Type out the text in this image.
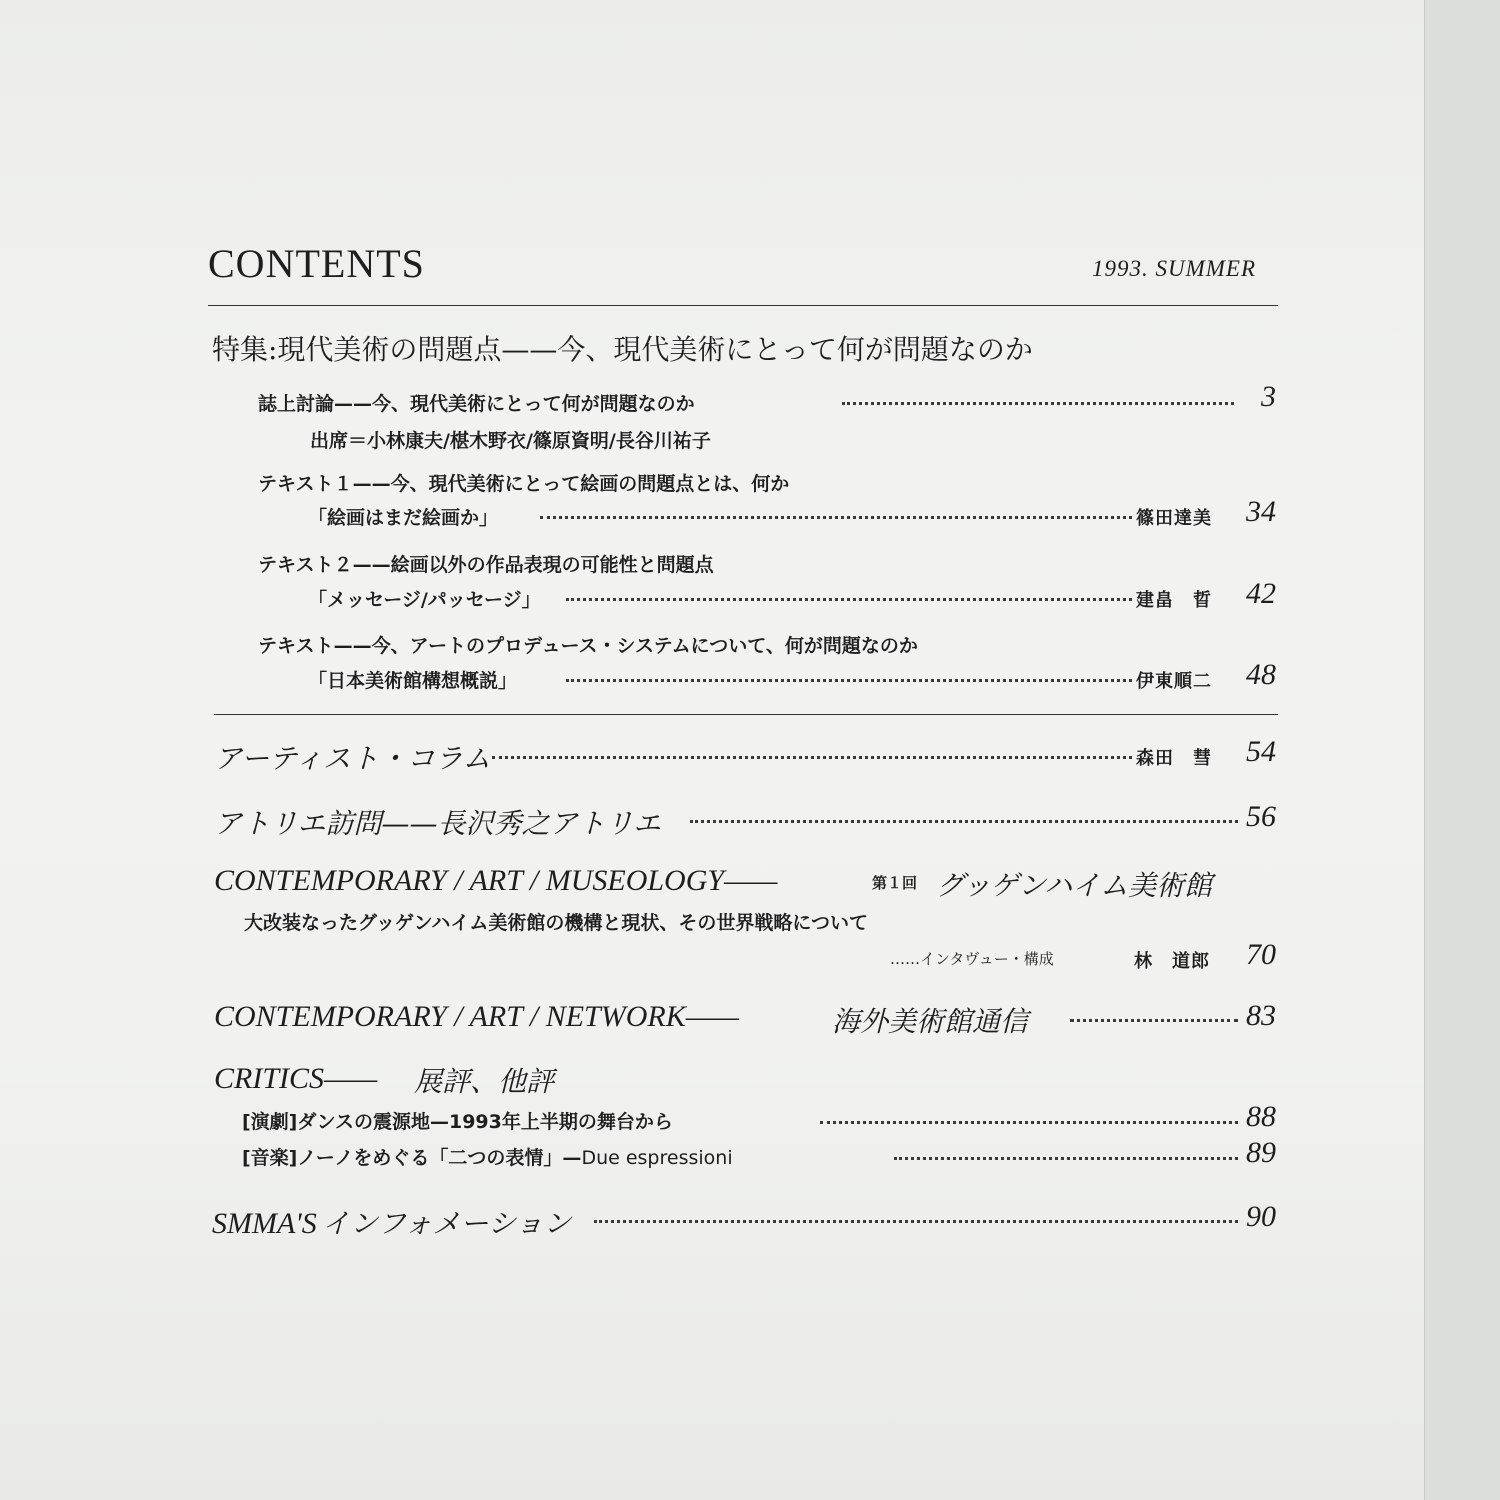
CONTENTS	1993. SUMMER
特集:現代美術の問題点——今、現代美術にとって何が問題なのか
誌上討論——今、現代美術にとって何が問題なのか	3
出席＝小林康夫/椹木野衣/篠原資明/長谷川祐子
テキスト１——今、現代美術にとって絵画の問題点とは、何か
「絵画はまだ絵画か」	篠田達美	34
テキスト２——絵画以外の作品表現の可能性と問題点
「メッセージ/パッセージ」	建畠　晢	42
テキスト——今、アートのプロデュース・システムについて、何が問題なのか
「日本美術館構想概説」	伊東順二	48
アーティスト・コラム	森田　彗	54
アトリエ訪問——長沢秀之アトリエ	56
CONTEMPORARY / ART / MUSEOLOGY——	第１回 グッゲンハイム美術館
大改装なったグッゲンハイム美術館の機構と現状、その世界戦略について
……インタヴュー・構成	林　道郎	70
CONTEMPORARY / ART / NETWORK——	海外美術館通信	83
CRITICS—— 展評、他評
[演劇]ダンスの震源地—1993年上半期の舞台から	88
[音楽]ノーノをめぐる「二つの表情」—Due espressioni	89
SMMA'S インフォメーション	90
